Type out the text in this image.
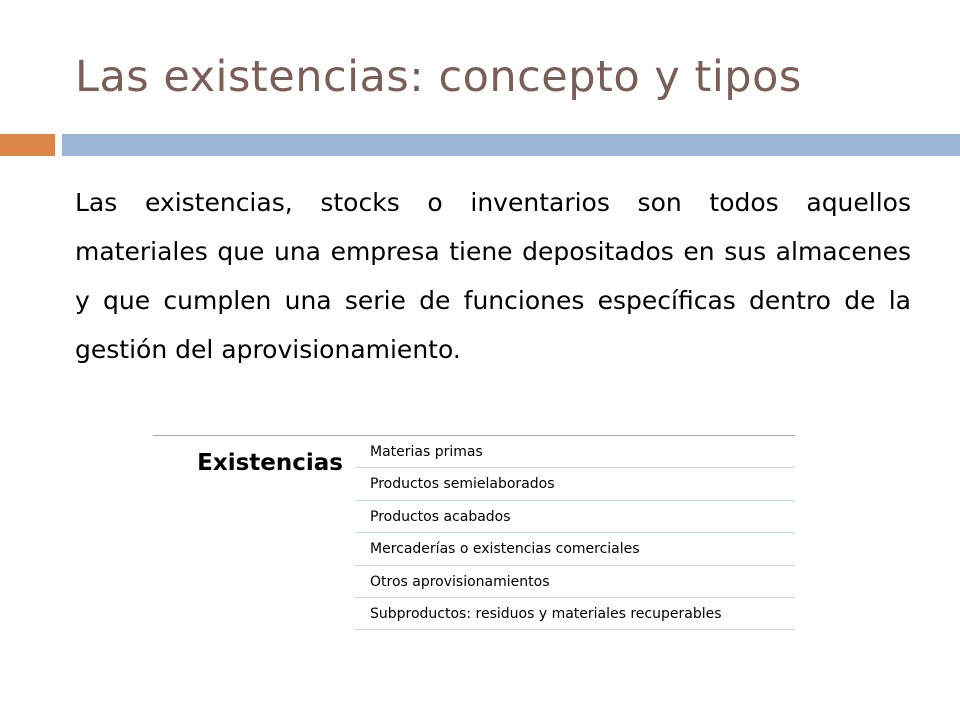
Las existencias: concepto y tipos
Las existencias, stocks o inventarios son todos aquellos materiales que una empresa tiene depositados en sus almacenes y que cumplen una serie de funciones específicas dentro de la gestión del aprovisionamiento.
Existencias	Materias primas
Productos semielaborados
Productos acabados
Mercaderías o existencias comerciales
Otros aprovisionamientos
Subproductos: residuos y materiales recuperables
